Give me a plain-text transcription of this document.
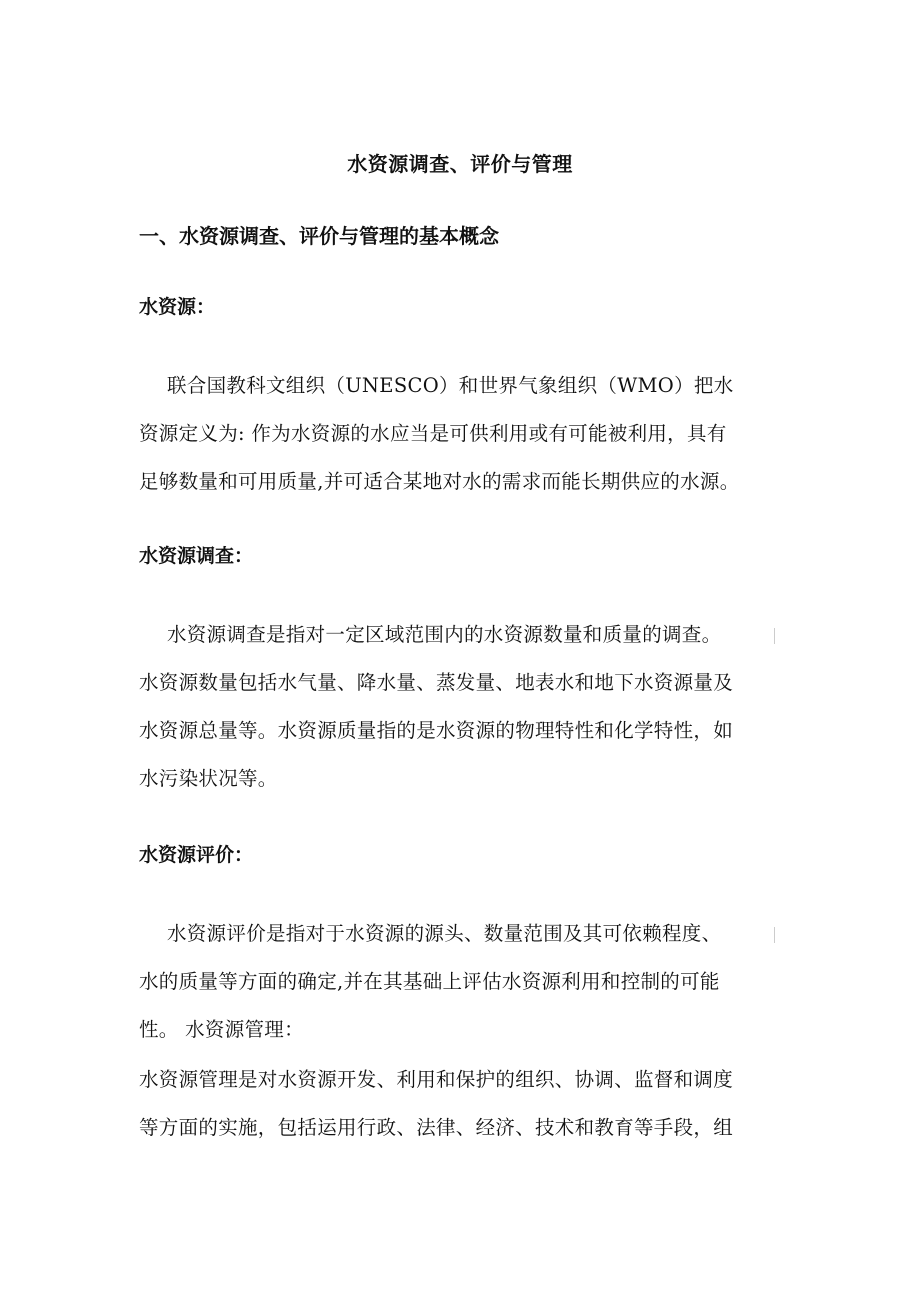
水资源调查、评价与管理
一、水资源调查、评价与管理的基本概念
水资源：
联合国教科文组织（UNESCO）和世界气象组织（WMO）把水
资源定义为: 作为水资源的水应当是可供利用或有可能被利用，具有
足够数量和可用质量,并可适合某地对水的需求而能长期供应的水源。
水资源调查：
水资源调查是指对一定区域范围内的水资源数量和质量的调查。
水资源数量包括水气量、降水量、蒸发量、地表水和地下水资源量及
水资源总量等。水资源质量指的是水资源的物理特性和化学特性，如
水污染状况等。
水资源评价：
水资源评价是指对于水资源的源头、数量范围及其可依赖程度、
水的质量等方面的确定,并在其基础上评估水资源利用和控制的可能
性。 水资源管理：
水资源管理是对水资源开发、利用和保护的组织、协调、监督和调度
等方面的实施，包括运用行政、法律、经济、技术和教育等手段，组
